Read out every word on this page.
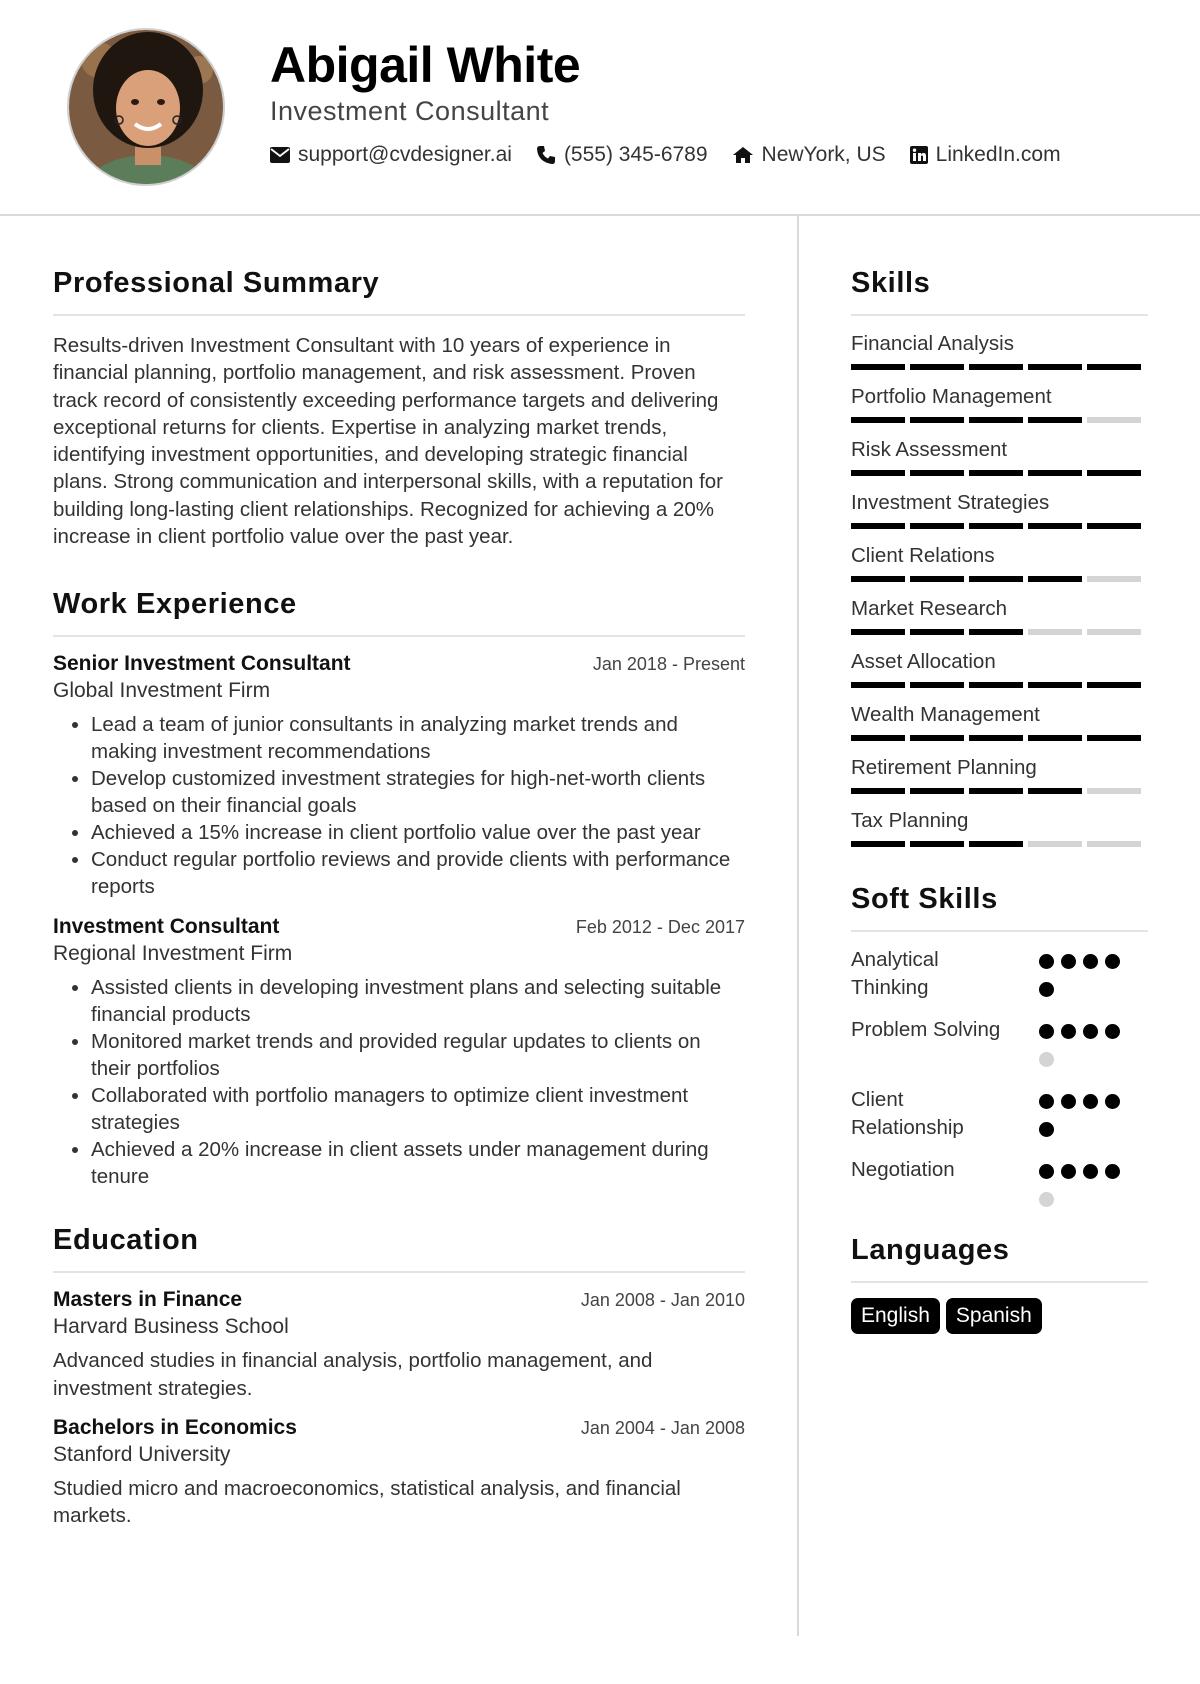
Abigail White
Investment Consultant
support@cvdesigner.ai (555) 345-6789	NewYork, US LinkedIn.com
Professional Summary
Results-driven Investment Consultant with 10 years of experience in financial planning, portfolio management, and risk assessment. Proven track record of consistently exceeding performance targets and delivering exceptional returns for clients. Expertise in analyzing market trends, identifying investment opportunities, and developing strategic financial plans. Strong communication and interpersonal skills, with a reputation for building long-lasting client relationships. Recognized for achieving a 20% increase in client portfolio value over the past year.
Work Experience
Senior Investment Consultant	Jan 2018 - Present
Global Investment Firm
• Lead a team of junior consultants in analyzing market trends and making investment recommendations
• Develop customized investment strategies for high-net-worth clients based on their financial goals
• Achieved a 15% increase in client portfolio value over the past year
• Conduct regular portfolio reviews and provide clients with performance reports
Investment Consultant	Feb 2012 - Dec 2017
Regional Investment Firm
• Assisted clients in developing investment plans and selecting suitable financial products
• Monitored market trends and provided regular updates to clients on their portfolios
• Collaborated with portfolio managers to optimize client investment strategies
• Achieved a 20% increase in client assets under management during tenure
Education
Masters in Finance	Jan 2008 - Jan 2010
Harvard Business School
Advanced studies in financial analysis, portfolio management, and investment strategies.
Bachelors in Economics	Jan 2004 - Jan 2008
Stanford University
Studied micro and macroeconomics, statistical analysis, and financial markets.
Skills
Financial Analysis
Portfolio Management
Risk Assessment
Investment Strategies
Client Relations
Market Research
Asset Allocation
Wealth Management
Retirement Planning
Tax Planning
Soft Skills
Analytical Thinking
Problem Solving
Client Relationship
Negotiation
Languages
English	Spanish
